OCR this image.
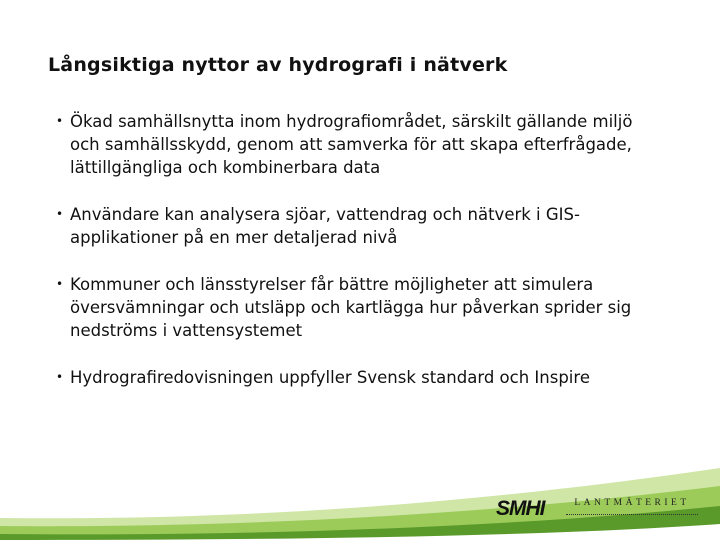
Långsiktiga nyttor av hydrografi i nätverk
• Ökad samhällsnytta inom hydrografiområdet, särskilt gällande miljö och samhällsskydd, genom att samverka för att skapa efterfrågade, lättillgängliga och kombinerbara data
• Användare kan analysera sjöar, vattendrag och nätverk i GIS-applikationer på en mer detaljerad nivå
• Kommuner och länsstyrelser får bättre möjligheter att simulera översvämningar och utsläpp och kartlägga hur påverkan sprider sig nedströms i vattensystemet
• Hydrografiredovisningen uppfyller Svensk standard och Inspire
SMHI	LANTMÄTERIET
